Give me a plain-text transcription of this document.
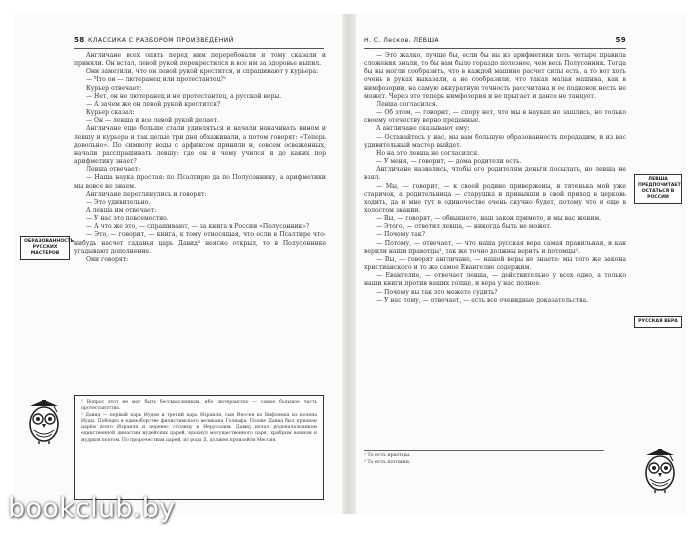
58 КЛАССИКА С РАЗБОРОМ ПРОИЗВЕДЕНИЙ

Англичане всех опять перед ним переребовали и тому сказали и приняли. Он встал, левой рукой перекрестился и все им за здоровье выпил.

Они заметили, что он левой рукой крестится, и спрашивают у курьера:

— Что он — лютеранец или протестантец?¹

Курьер отвечает:

— Нет, он не лютеранец и не протестантец, а русской веры.

— А зачем же он левой рукой крестится?

Курьер сказал:

— Он — левша и все левой рукой делает.

Англичане еще больше стали удивляться и начали накачивать вином и левшу и курьера и так целые три дня обхаживали, а потом говорят: «Теперь довольно». По символу воды с арфиксом приняли и, совсем освеженных, начали расспрашивать левшу: где он и чему учился и до каких пор арифметику знает?

Левша отвечает:

— Наша наука простая: по Псалтирю да по Полусоннику, а арифметики мы вовсе не знаем.

Англичане переглянулись и говорят:

— Это удивительно.

А левша им отвечает:

— У нас это повсеместно.

— А что же это, — спрашивают, — за книга в России «Полусонник»?

— Это, — говорит, — книга, к тому относящая, что если в Псалтире что-нибудь насчет гаданья царь Давид² неясно открыл, то в Полусоннике угадывают дополнение.

Они говорят:

ОБРАЗОВАННОСТЬ РУССКИХ МАСТЕРОВ

¹ Вопрос этот не мог быть бессмысленным, ибо лютеранство — самое большое часть протестантства.

² Давид — первый царь Иудеи и третий царь Израиля, сын Иессея из Вифлеема из колена Иуды. Победил в единоборстве филистимского великана Голиафа. Позже Давид был признан царём всего Израиля и перенес столицу в Иерусалим. Давид начал родоначальником единственной династии иудейских царей, вдохнул могущественного царя, храбрым воином и мудрым поэтом. По пророчествам царей, из рода Д. должен произойти Мессия.

Н. С. Лесков. ЛЕВША	59

— Это жалко, лучше бы, если бы вы из арифметики хоть четыре правила сложения знали, то бы вам было гораздо полезнее, чем весь Полусонник. Тогда бы вы могли сообразить, что в каждой машине расчет силы есть, а то вот хоть очень в руках выказали, а не сообразили, что такая малая машина, как в нимфозории, на самую аккуратную точность рассчитана и ее подковок несть не может. Через это теперь нимфозория и не прыгает и дансе не танцует.

Левша согласился.

— Об этом, — говорит, — спору нет, что мы в науках не зашлись, но только своему отечеству верно преданные.

А англичане сказывают ему:

— Оставайтесь у нас, мы вам большую образованность передадим, и из вас удивительный мастер выйдет.

Но на это левша не согласился.

— У меня, — говорит, — дома родители есть.

Англичане назвались, чтобы его родителям деньги посылать, но левша не взял.

— Мы, — говорит, — к своей родине привержены, и тятенька мой уже старичок, а родительница — старушка и привыкши в свой приход в церковь ходить, да и мне тут в одиночестве очень скучно будет, потому что я еще в холостом звании.

— Вы, — говорят, — обвыкнете, наш закон примете, и мы вас женим.

— Этого, — ответил левша, — никогда быть не может.

— Почему так?

— Потому, — отвечает, — что наша русская вера самая правильная, и как верили наши правотцы¹, так же точно должны верить и потомцы².

— Вы, — говорят англичане, — нашей веры не знаете: мы того же закона христианского и то же самое Евангелие содержим.

— Евангелие, — отвечает левша, — действительно у всех одно, а только наши книги против ваших толще, и вера у нас полнее.

— Почему вы так это можете судить?

— У нас тому, — отвечает, — есть все очевидные доказательства.

ЛЕВША ПРЕДПОЧИТАЕТ ОСТАТЬСЯ В РОССИИ
РУССКАЯ ВЕРА

¹ То есть праотцы.

² То есть потомки.

bookclub.by
